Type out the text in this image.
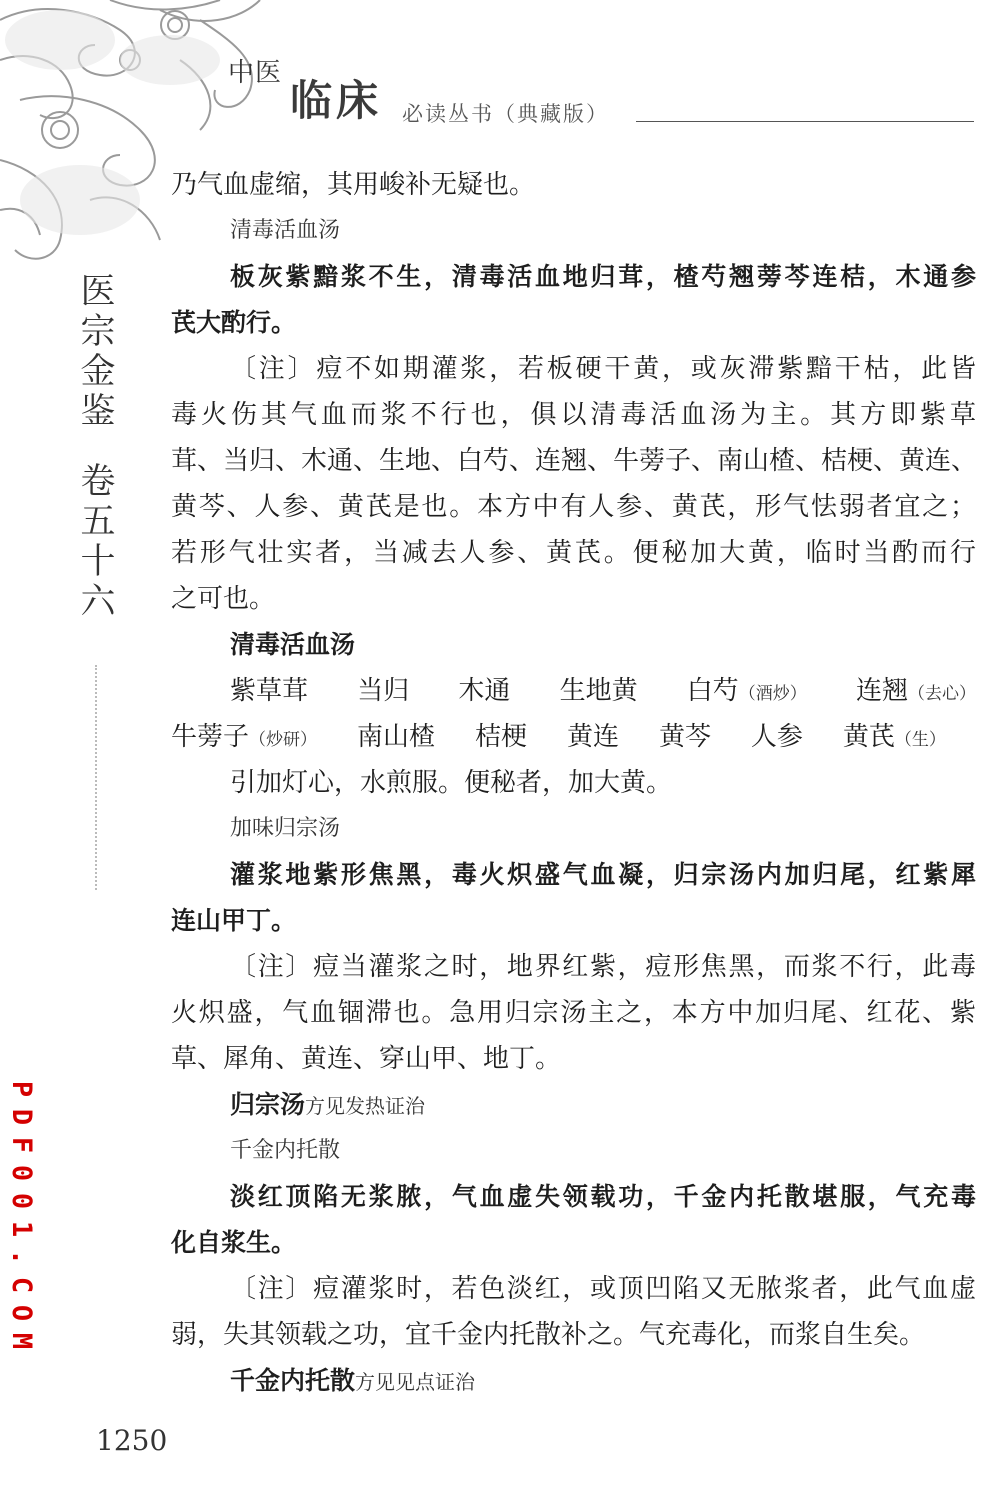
中医
临床 必读丛书（典藏版）
医
宗
金
鉴
卷
五
十
六
P
D
F
0
0
1
.
C
O
M
乃气血虚缩，其用峻补无疑也。
清毒活血汤
板灰紫黯浆不生，清毒活血地归茸，楂芍翘蒡芩连桔，木通参
芪大酌行。
〔注〕痘不如期灌浆，若板硬干黄，或灰滞紫黯干枯，此皆
毒火伤其气血而浆不行也，俱以清毒活血汤为主。其方即紫草
茸、当归、木通、生地、白芍、连翘、牛蒡子、南山楂、桔梗、黄连、
黄芩、人参、黄芪是也。本方中有人参、黄芪，形气怯弱者宜之；
若形气壮实者，当减去人参、黄芪。便秘加大黄，临时当酌而行
之可也。
清毒活血汤
紫草茸 当归 木通 生地黄 白芍（酒炒） 连翘（去心）
牛蒡子（炒研） 南山楂 桔梗 黄连 黄芩 人参 黄芪（生）
引加灯心，水煎服。便秘者，加大黄。
加味归宗汤
灌浆地紫形焦黑，毒火炽盛气血凝，归宗汤内加归尾，红紫犀
连山甲丁。
〔注〕痘当灌浆之时，地界红紫，痘形焦黑，而浆不行，此毒
火炽盛，气血锢滞也。急用归宗汤主之，本方中加归尾、红花、紫
草、犀角、黄连、穿山甲、地丁。
归宗汤方见发热证治
千金内托散
淡红顶陷无浆脓，气血虚失领载功，千金内托散堪服，气充毒
化自浆生。
〔注〕痘灌浆时，若色淡红，或顶凹陷又无脓浆者，此气血虚
弱，失其领载之功，宜千金内托散补之。气充毒化，而浆自生矣。
千金内托散方见见点证治
1250
